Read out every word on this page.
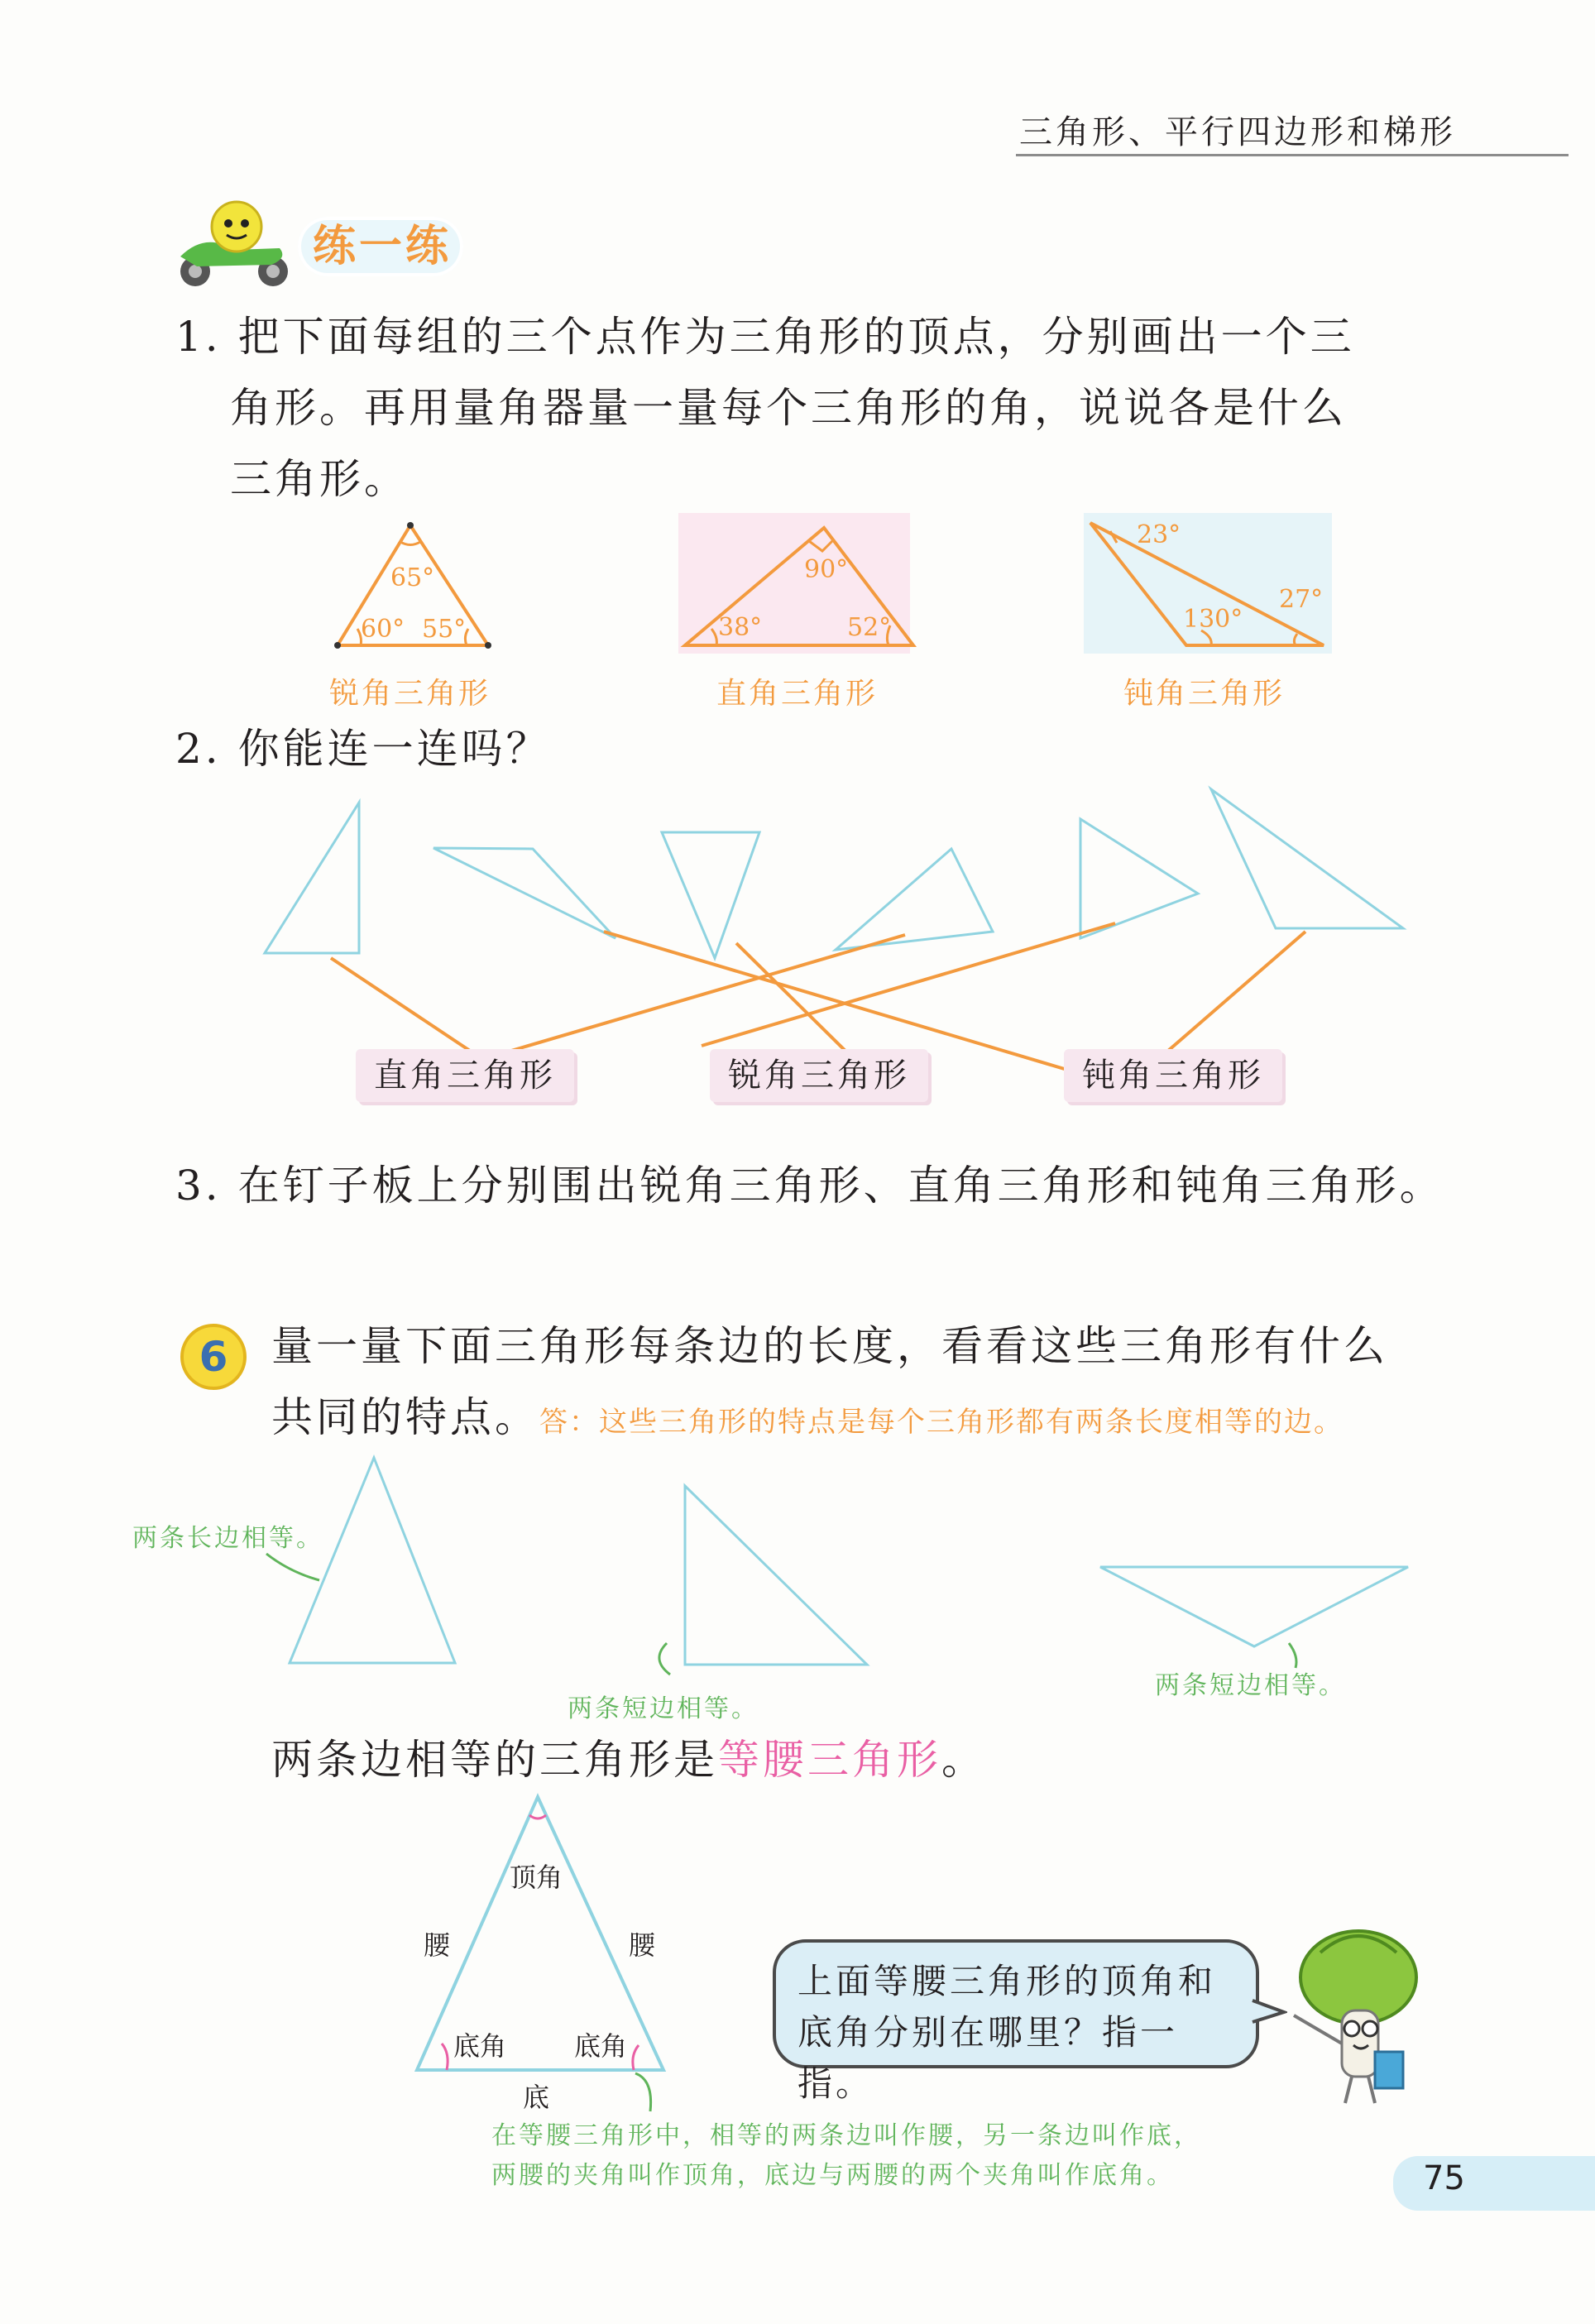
三角形、平行四边形和梯形
练一练
1. 把下面每组的三个点作为三角形的顶点，分别画出一个三
角形。再用量角器量一量每个三角形的角，说说各是什么
三角形。
65°
60° 55°
90°
38°	52°
23°
130°
27°
锐角三角形	直角三角形	钝角三角形
2. 你能连一连吗？
直角三角形	锐角三角形	钝角三角形
3. 在钉子板上分别围出锐角三角形、直角三角形和钝角三角形。
6	量一量下面三角形每条边的长度，看看这些三角形有什么
共同的特点。答：这些三角形的特点是每个三角形都有两条长度相等的边。
两条长边相等。
两条短边相等。
两条短边相等。
两条边相等的三角形是等腰三角形。
顶角
腰	腰
底角	底角
底
上面等腰三角形的顶角和
底角分别在哪里？指一指。
在等腰三角形中，相等的两条边叫作腰，另一条边叫作底，
两腰的夹角叫作顶角，底边与两腰的两个夹角叫作底角。	75
